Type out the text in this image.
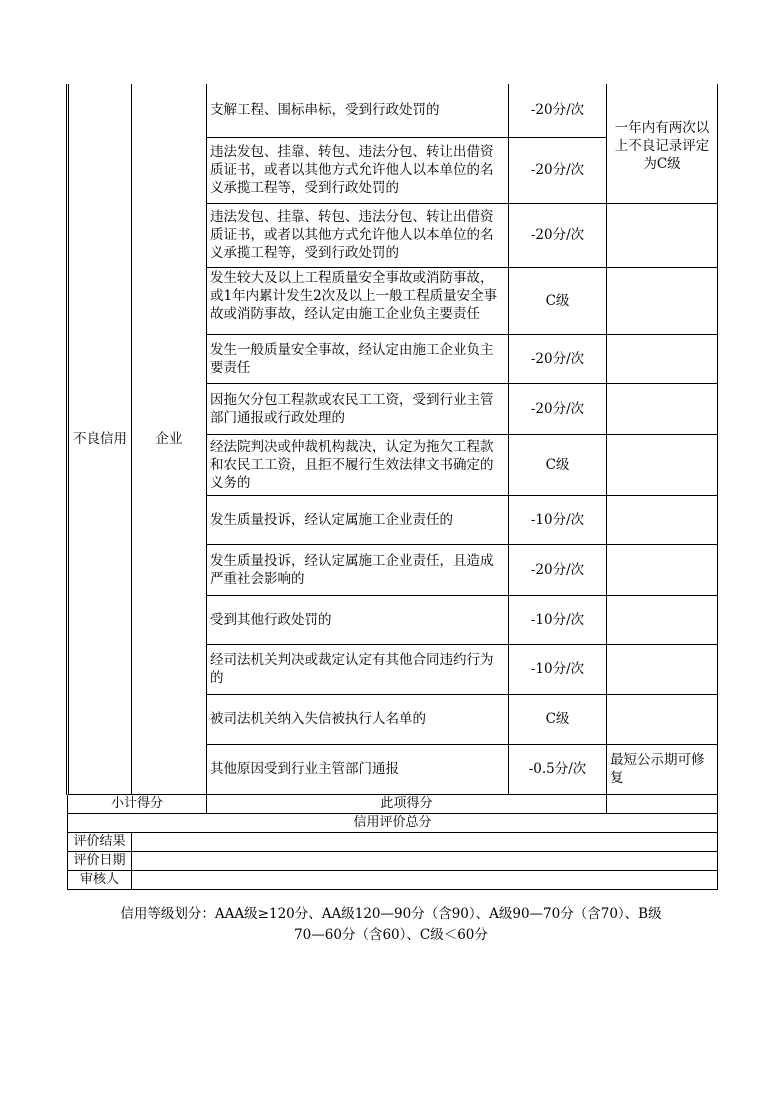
不良信用	企业	支解工程、围标串标，受到行政处罚的	-20分/次	一年内有两次以上不良记录评定为C级
		违法发包、挂靠、转包、违法分包、转让出借资质证书，或者以其他方式允许他人以本单位的名义承揽工程等，受到行政处罚的	-20分/次	
		违法发包、挂靠、转包、违法分包、转让出借资质证书，或者以其他方式允许他人以本单位的名义承揽工程等，受到行政处罚的	-20分/次	

		发生较大及以上工程质量安全事故或消防事故，或1年内累计发生2次及以上一般工程质量安全事故或消防事故，经认定由施工企业负主要责任	C级	
		发生一般质量安全事故，经认定由施工企业负主要责任	-20分/次	
		因拖欠分包工程款或农民工工资，受到行业主管部门通报或行政处理的	-20分/次	
		经法院判决或仲裁机构裁决，认定为拖欠工程款和农民工工资，且拒不履行生效法律文书确定的义务的	C级	
		发生质量投诉，经认定属施工企业责任的	-10分/次	
		发生质量投诉，经认定属施工企业责任，且造成严重社会影响的	-20分/次	
		受到其他行政处罚的	-10分/次	
		经司法机关判决或裁定认定有其他合同违约行为的	-10分/次	
		被司法机关纳入失信被执行人名单的	C级	
		其他原因受到行业主管部门通报	-0.5分/次	最短公示期可修复
小计得分		此项得分		
信用评价总分				
评价结果				
评价日期				
审核人				
信用等级划分：AAA级≥120分、AA级120—90分（含90）、A级90—70分（含70）、B级
70—60分（含60）、C级＜60分
